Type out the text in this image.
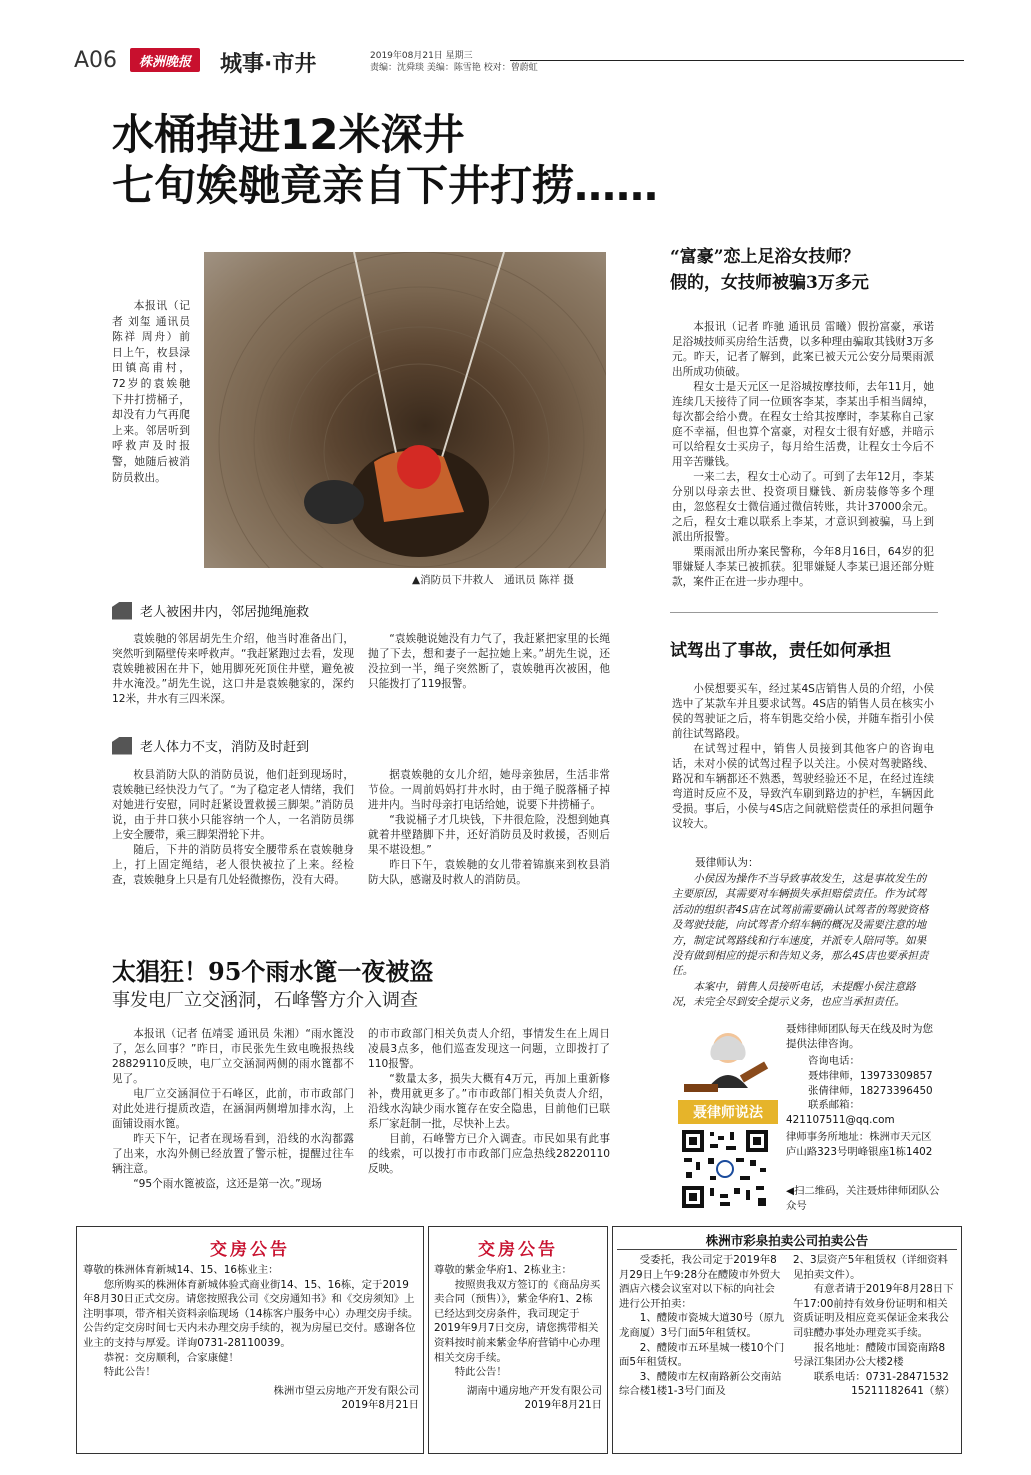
A06 株洲晚报 城事·市井	2019年08月21日 星期三
责编：沈舜琰 美编：陈雪艳 校对：曾蔚虹
水桶掉进12米深井
七旬娭毑竟亲自下井打捞……

本报讯（记者 刘玺 通讯员 陈祥 周舟）前日上午，枚县渌田镇高甫村，72岁的袁娭毑下井打捞桶子，却没有力气再爬上来。邻居听到呼救声及时报警，她随后被消防员救出。

▲消防员下井救人　通讯员 陈祥 摄
老人被困井内，邻居抛绳施救

袁娭毑的邻居胡先生介绍，他当时准备出门，突然听到隔壁传来呼救声。“我赶紧跑过去看，发现袁娭毑被困在井下，她用脚死死顶住井壁，避免被井水淹没。”胡先生说，这口井是袁娭毑家的，深约12米，井水有三四米深。

“袁娭毑说她没有力气了，我赶紧把家里的长绳抛了下去，想和妻子一起拉她上来。”胡先生说，还没拉到一半，绳子突然断了，袁娭毑再次被困，他只能拨打了119报警。

老人体力不支，消防及时赶到

枚县消防大队的消防员说，他们赶到现场时，袁娭毑已经快没力气了。“为了稳定老人情绪，我们对她进行安慰，同时赶紧设置救援三脚架。”消防员说，由于井口狭小只能容纳一个人，一名消防员绑上安全腰带，乘三脚架滑轮下井。

随后，下井的消防员将安全腰带系在袁娭毑身上，打上固定绳结，老人很快被拉了上来。经检查，袁娭毑身上只是有几处轻微擦伤，没有大碍。

据袁娭毑的女儿介绍，她母亲独居，生活非常节俭。一周前妈妈打井水时，由于绳子脱落桶子掉进井内。当时母亲打电话给她，说要下井捞桶子。

“我说桶子才几块钱，下井很危险，没想到她真就着井壁踏脚下井，还好消防员及时救援，否则后果不堪设想。”

昨日下午，袁娭毑的女儿带着锦旗来到枚县消防大队，感谢及时救人的消防员。

太猖狂！95个雨水篦一夜被盗
事发电厂立交涵洞，石峰警方介入调查

本报讯（记者 伍靖雯 通讯员 朱湘）“雨水篦没了，怎么回事？”昨日，市民张先生致电晚报热线28829110反映，电厂立交涵洞两侧的雨水篦都不见了。

电厂立交涵洞位于石峰区，此前，市市政部门对此处进行提质改造，在涵洞两侧增加排水沟，上面铺设雨水篦。

昨天下午，记者在现场看到，沿线的水沟都露了出来，水沟外侧已经放置了警示桩，提醒过往车辆注意。

“95个雨水篦被盗，这还是第一次。”现场

的市市政部门相关负责人介绍，事情发生在上周日凌晨3点多，他们巡查发现这一问题，立即拨打了110报警。

“数量太多，损失大概有4万元，再加上重新修补，费用就更多了。”市市政部门相关负责人介绍，沿线水沟缺少雨水篦存在安全隐患，目前他们已联系厂家赶制一批，尽快补上去。

目前，石峰警方已介入调查。市民如果有此事的线索，可以拨打市市政部门应急热线28220110反映。

“富豪”恋上足浴女技师？
假的，女技师被骗3万多元

本报讯（记者 昨驰 通讯员 雷曦）假扮富豪，承诺足浴城技师买房给生活费，以多种理由骗取其钱财3万多元。昨天，记者了解到，此案已被天元公安分局栗雨派出所成功侦破。

程女士是天元区一足浴城按摩技师，去年11月，她连续几天接待了同一位顾客李某，李某出手相当阔绰，每次都会给小费。在程女士给其按摩时，李某称自己家庭不幸福，但也算个富豪，对程女士很有好感，并暗示可以给程女士买房子，每月给生活费，让程女士今后不用辛苦赚钱。

一来二去，程女士心动了。可到了去年12月，李某分别以母亲去世、投资项目赚钱、新房装修等多个理由，忽悠程女士微信通过微信转账，共计37000余元。之后，程女士难以联系上李某，才意识到被骗，马上到派出所报警。

栗雨派出所办案民警称，今年8月16日，64岁的犯罪嫌疑人李某已被抓获。犯罪嫌疑人李某已退还部分赃款，案件正在进一步办理中。

试驾出了事故，责任如何承担

小侯想要买车，经过某4S店销售人员的介绍，小侯选中了某款车并且要求试驾。4S店的销售人员在核实小侯的驾驶证之后，将车钥匙交给小侯，并随车指引小侯前往试驾路段。

在试驾过程中，销售人员接到其他客户的咨询电话，未对小侯的试驾过程予以关注。小侯对驾驶路线、路况和车辆都还不熟悉，驾驶经验还不足，在经过连续弯道时反应不及，导致汽车刷到路边的护栏，车辆因此受损。事后，小侯与4S店之间就赔偿责任的承担问题争议较大。

聂律师认为：
小侯因为操作不当导致事故发生，这是事故发生的主要原因，其需要对车辆损失承担赔偿责任。作为试驾活动的组织者4S店在试驾前需要确认试驾者的驾驶资格及驾驶技能，向试驾者介绍车辆的概况及需要注意的地方，制定试驾路线和行车速度，并派专人陪同等。如果没有做到相应的提示和告知义务，那么4S店也要承担责任。
本案中，销售人员接听电话，未提醒小侯注意路况，未完全尽到安全提示义务，也应当承担责任。
聂律师说法
聂炜律师团队每天在线及时为您提供法律咨询。
咨询电话：
聂炜律师，13973309857
张倩律师，18273396450
联系邮箱：
421107511@qq.com
律师事务所地址：株洲市天元区庐山路323号明峰银座1栋1402
◀扫二维码，关注聂炜律师团队公众号
交房公告

尊敬的株洲体育新城14、15、16栋业主：

您所购买的株洲体育新城体验式商业街14、15、16栋，定于2019年8月30日正式交房。请您按照我公司《交房通知书》和《交房须知》上注明事项，带齐相关资料亲临现场（14栋客户服务中心）办理交房手续。公告约定交房时间七天内未办理交房手续的，视为房屋已交付。感谢各位业主的支持与厚爱。详询0731-28110039。

恭祝：交房顺利，合家康健！

特此公告！

株洲市望云房地产开发有限公司

2019年8月21日

交房公告

尊敬的紫金华府1、2栋业主：

按照贵我双方签订的《商品房买卖合同（预售）》，紫金华府1、2栋已经达到交房条件，我司现定于2019年9月7日交房，请您携带相关资料按时前来紫金华府营销中心办理相关交房手续。

特此公告！

湖南中通房地产开发有限公司

2019年8月21日

株洲市彩泉拍卖公司拍卖公告

受委托，我公司定于2019年8月29日上午9:28分在醴陵市外贸大酒店六楼会议室对以下标的向社会进行公开拍卖：

1、醴陵市瓷城大道30号（原九龙商厦）3号门面5年租赁权。

2、醴陵市五环星城一楼10个门面5年租赁权。

3、醴陵市左权南路新公交南站综合楼1楼1-3号门面及

2、3层资产5年租赁权（详细资料见拍卖文件）。

有意者请于2019年8月28日下午17:00前持有效身份证明和相关资质证明及相应竞买保证金来我公司驻醴办事处办理竞买手续。

报名地址：醴陵市国瓷南路8号渌江集团办公大楼2楼

联系电话：0731-28471532

15211182641（蔡）
